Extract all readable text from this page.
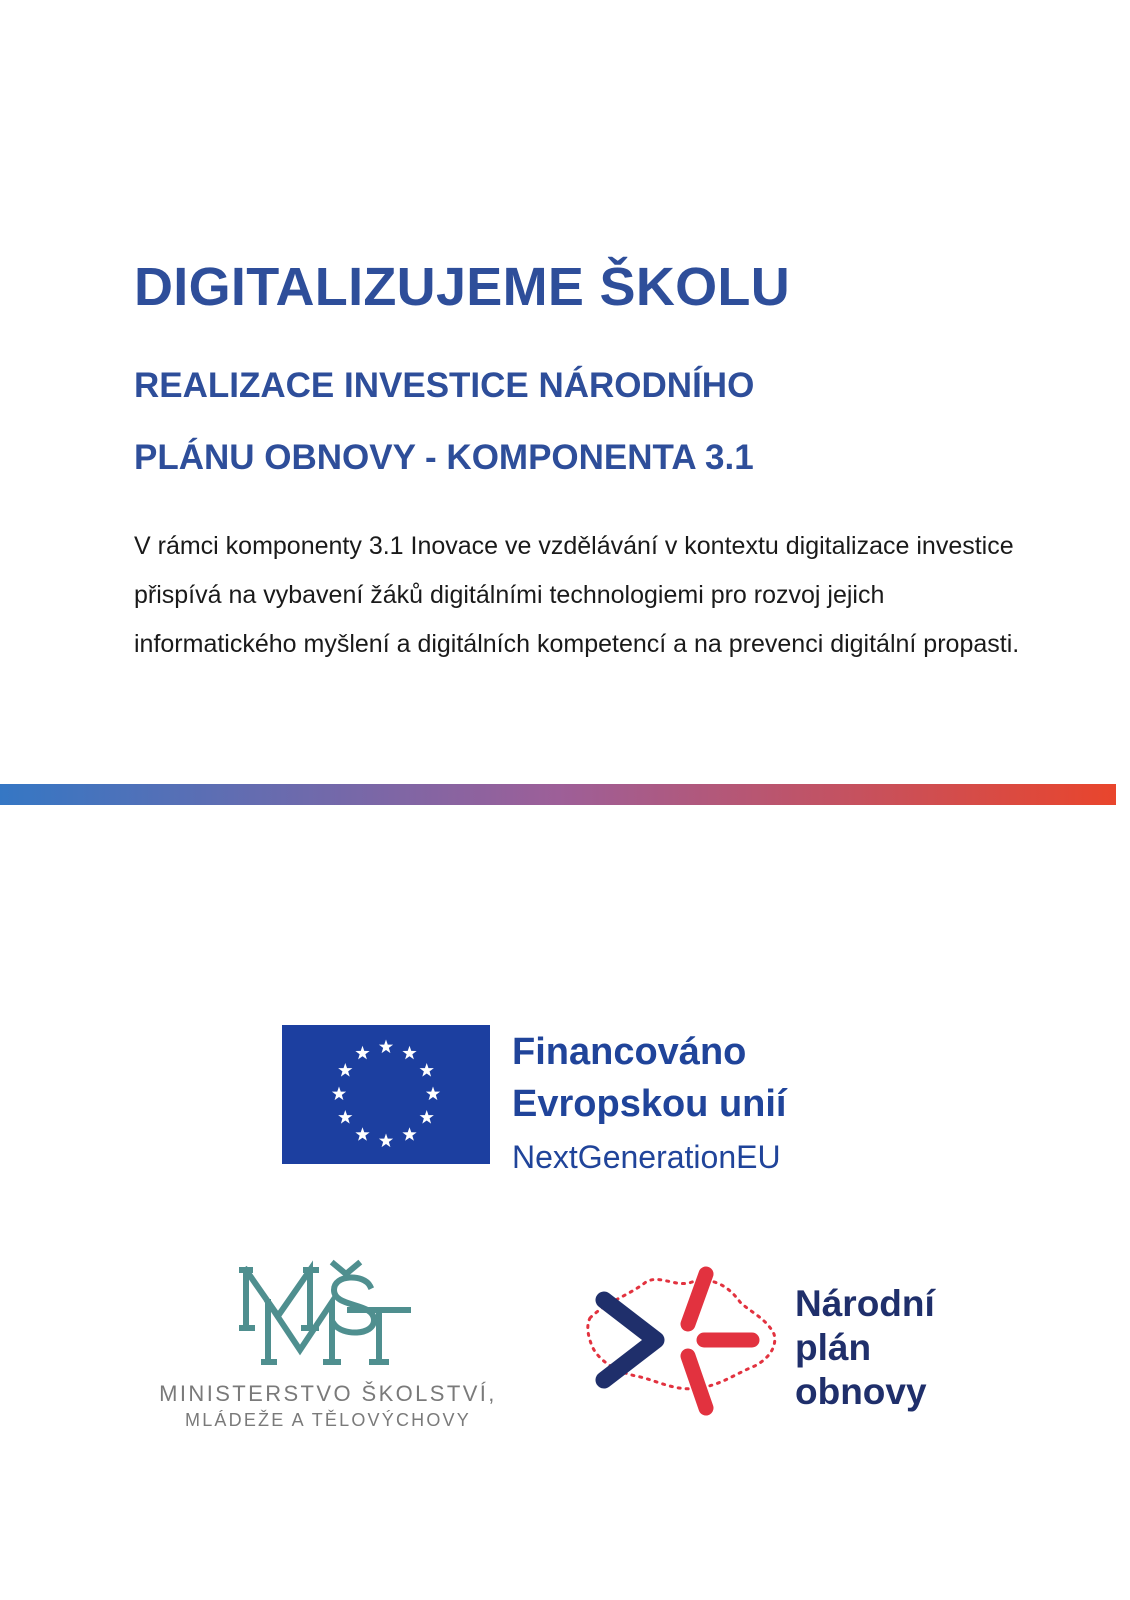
DIGITALIZUJEME ŠKOLU
REALIZACE INVESTICE NÁRODNÍHO
PLÁNU OBNOVY - KOMPONENTA 3.1

V rámci komponenty 3.1 Inovace ve vzdělávání v kontextu digitalizace investice přispívá na vybavení žáků digitálními technologiemi pro rozvoj jejich informatického myšlení a digitálních kompetencí a na prevenci digitální propasti.

Financováno
Evropskou unií
NextGenerationEU
MINISTERSTVO ŠKOLSTVÍ,
MLÁDEŽE A TĚLOVÝCHOVY
Národní
plán
obnovy
